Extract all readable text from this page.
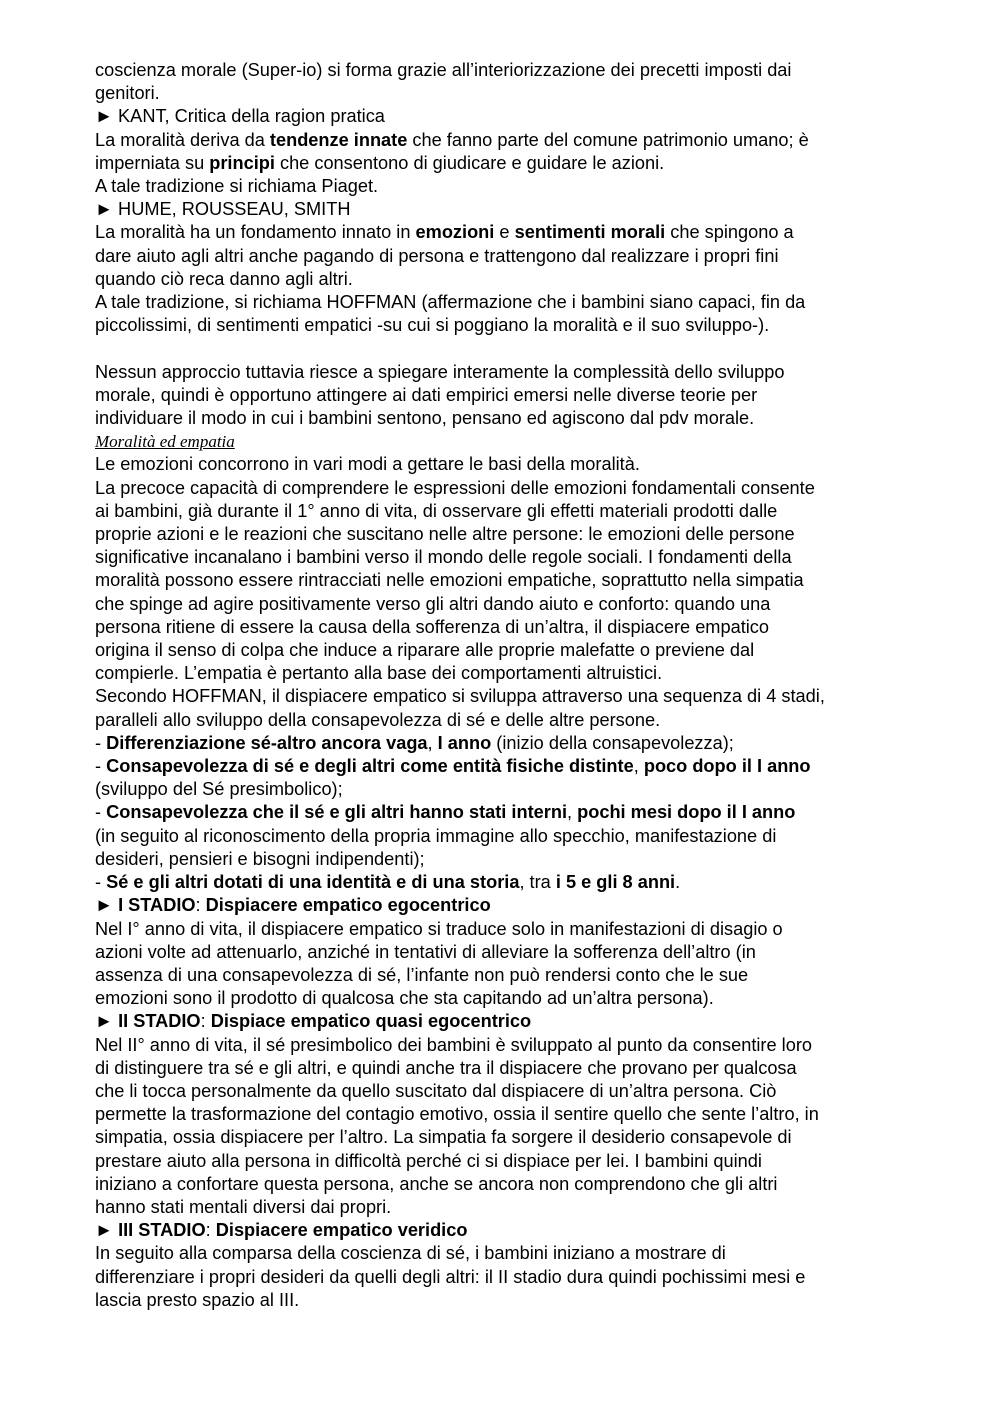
coscienza morale (Super-io) si forma grazie all’interiorizzazione dei precetti imposti dai
genitori.
► KANT, Critica della ragion pratica
La moralità deriva da tendenze innate che fanno parte del comune patrimonio umano; è
imperniata su principi che consentono di giudicare e guidare le azioni.
A tale tradizione si richiama Piaget.
► HUME, ROUSSEAU, SMITH
La moralità ha un fondamento innato in emozioni e sentimenti morali che spingono a
dare aiuto agli altri anche pagando di persona e trattengono dal realizzare i propri fini
quando ciò reca danno agli altri.
A tale tradizione, si richiama HOFFMAN (affermazione che i bambini siano capaci, fin da
piccolissimi, di sentimenti empatici -su cui si poggiano la moralità e il suo sviluppo-).
Nessun approccio tuttavia riesce a spiegare interamente la complessità dello sviluppo
morale, quindi è opportuno attingere ai dati empirici emersi nelle diverse teorie per
individuare il modo in cui i bambini sentono, pensano ed agiscono dal pdv morale.
Moralità ed empatia
Le emozioni concorrono in vari modi a gettare le basi della moralità.
La precoce capacità di comprendere le espressioni delle emozioni fondamentali consente
ai bambini, già durante il 1° anno di vita, di osservare gli effetti materiali prodotti dalle
proprie azioni e le reazioni che suscitano nelle altre persone: le emozioni delle persone
significative incanalano i bambini verso il mondo delle regole sociali. I fondamenti della
moralità possono essere rintracciati nelle emozioni empatiche, soprattutto nella simpatia
che spinge ad agire positivamente verso gli altri dando aiuto e conforto: quando una
persona ritiene di essere la causa della sofferenza di un’altra, il dispiacere empatico
origina il senso di colpa che induce a riparare alle proprie malefatte o previene dal
compierle. L’empatia è pertanto alla base dei comportamenti altruistici.
Secondo HOFFMAN, il dispiacere empatico si sviluppa attraverso una sequenza di 4 stadi,
paralleli allo sviluppo della consapevolezza di sé e delle altre persone.
- Differenziazione sé-altro ancora vaga, I anno (inizio della consapevolezza);
- Consapevolezza di sé e degli altri come entità fisiche distinte, poco dopo il I anno
(sviluppo del Sé presimbolico);
- Consapevolezza che il sé e gli altri hanno stati interni, pochi mesi dopo il I anno
(in seguito al riconoscimento della propria immagine allo specchio, manifestazione di
desideri, pensieri e bisogni indipendenti);
- Sé e gli altri dotati di una identità e di una storia, tra i 5 e gli 8 anni.
► I STADIO: Dispiacere empatico egocentrico
Nel I° anno di vita, il dispiacere empatico si traduce solo in manifestazioni di disagio o
azioni volte ad attenuarlo, anziché in tentativi di alleviare la sofferenza dell’altro (in
assenza di una consapevolezza di sé, l’infante non può rendersi conto che le sue
emozioni sono il prodotto di qualcosa che sta capitando ad un’altra persona).
► II STADIO: Dispiace empatico quasi egocentrico
Nel II° anno di vita, il sé presimbolico dei bambini è sviluppato al punto da consentire loro
di distinguere tra sé e gli altri, e quindi anche tra il dispiacere che provano per qualcosa
che li tocca personalmente da quello suscitato dal dispiacere di un’altra persona. Ciò
permette la trasformazione del contagio emotivo, ossia il sentire quello che sente l’altro, in
simpatia, ossia dispiacere per l’altro. La simpatia fa sorgere il desiderio consapevole di
prestare aiuto alla persona in difficoltà perché ci si dispiace per lei. I bambini quindi
iniziano a confortare questa persona, anche se ancora non comprendono che gli altri
hanno stati mentali diversi dai propri.
► III STADIO: Dispiacere empatico veridico
In seguito alla comparsa della coscienza di sé, i bambini iniziano a mostrare di
differenziare i propri desideri da quelli degli altri: il II stadio dura quindi pochissimi mesi e
lascia presto spazio al III.
